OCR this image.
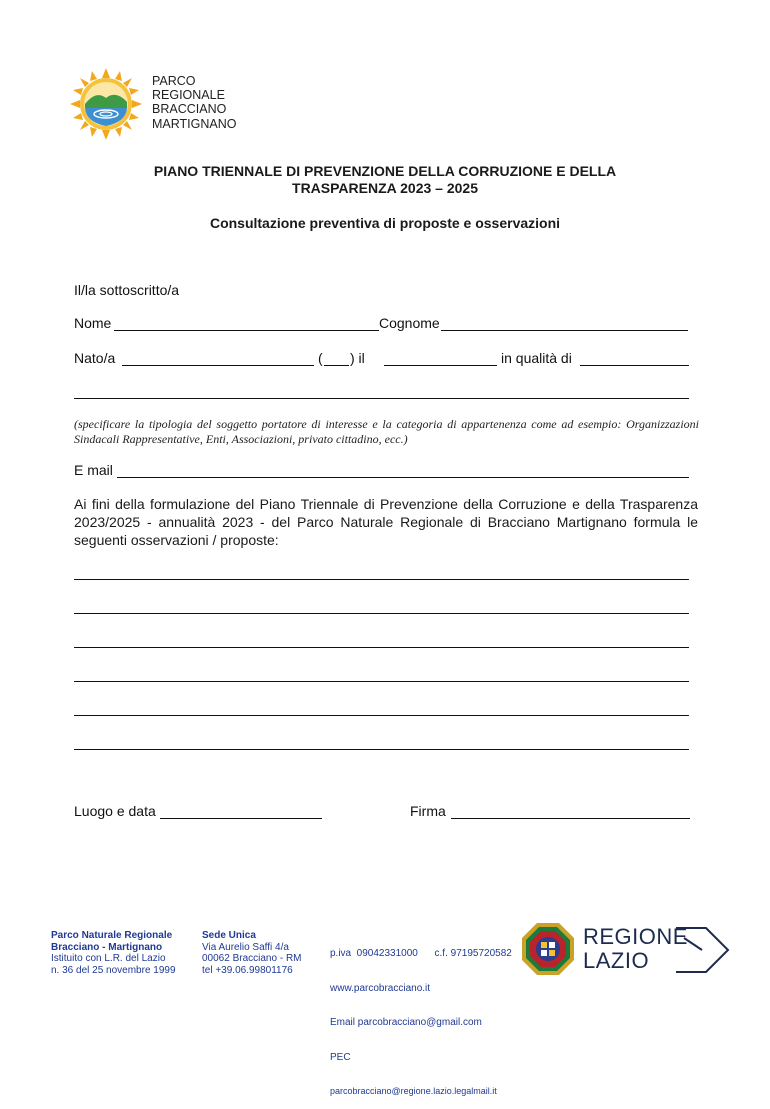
PARCO
REGIONALE
BRACCIANO
MARTIGNANO
PIANO TRIENNALE DI PREVENZIONE DELLA CORRUZIONE E DELLA
TRASPARENZA 2023 – 2025
Consultazione preventiva di proposte e osservazioni
Il/la sottoscritto/a
Nome	Cognome
Nato/a	( ) il	in qualità di
(specificare la tipologia del soggetto portatore di interesse e la categoria di appartenenza come ad esempio: Organizzazioni Sindacali Rappresentative, Enti, Associazioni, privato cittadino, ecc.)
E mail
Ai fini della formulazione del Piano Triennale di Prevenzione della Corruzione e della Trasparenza 2023/2025 - annualità 2023 - del Parco Naturale Regionale di Bracciano Martignano formula le seguenti osservazioni / proposte:
Luogo e data	Firma
Parco Naturale Regionale
Bracciano - Martignano
Istituito con L.R. del Lazio
n. 36 del 25 novembre 1999
Sede Unica
Via Aurelio Saffi 4/a
00062 Bracciano - RM
tel +39.06.99801176

p.iva  09042331000      c.f. 97195720582

www.parcobracciano.it

Email parcobracciano@gmail.com

PEC

parcobracciano@regione.lazio.legalmail.it

REGIONE
LAZIO
